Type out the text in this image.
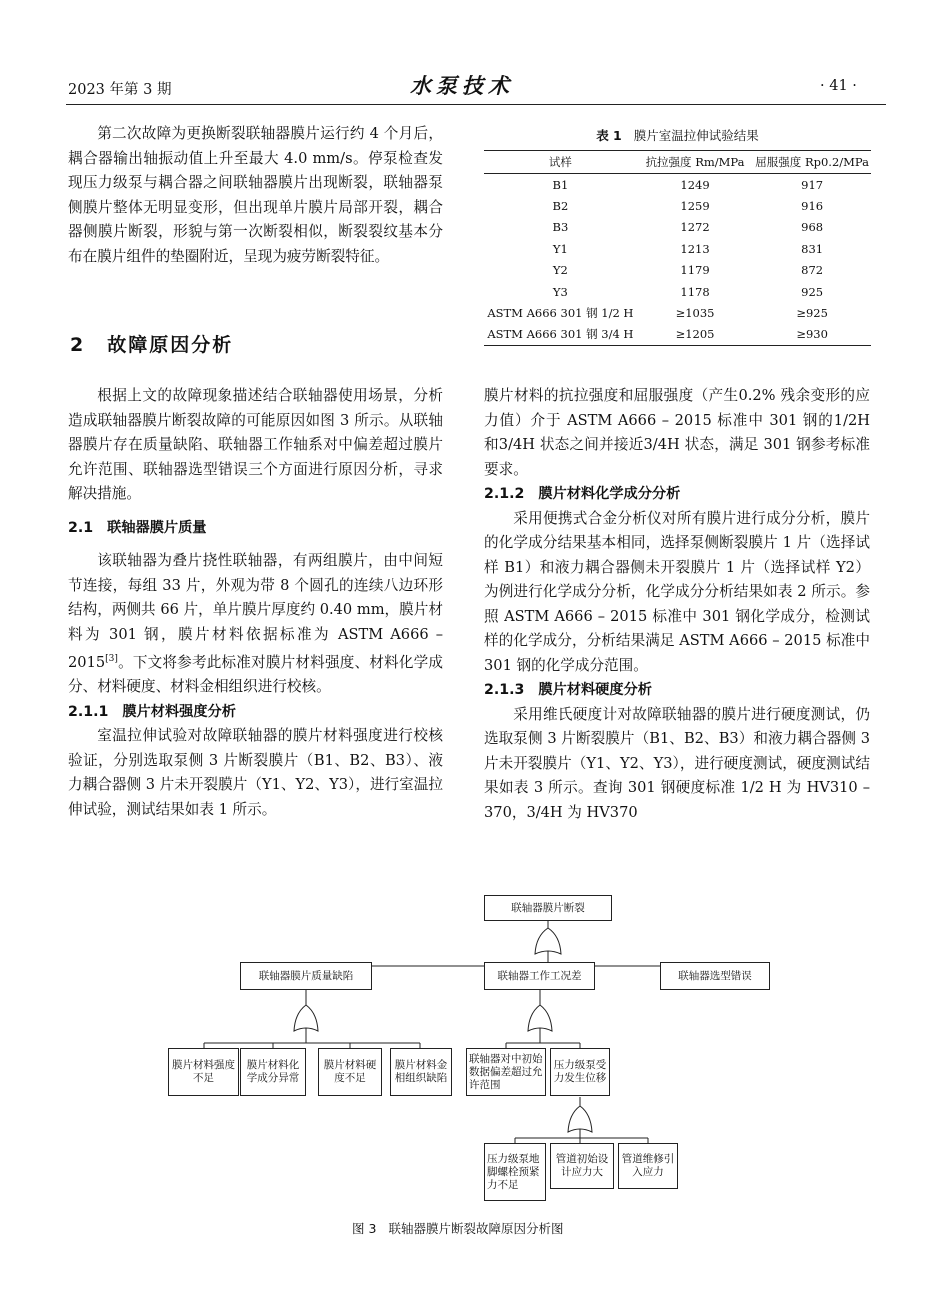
2023 年第 3 期	水泵技术	· 41 ·

第二次故障为更换断裂联轴器膜片运行约 4 个月后，耦合器输出轴振动值上升至最大 4.0 mm/s。停泵检查发现压力级泵与耦合器之间联轴器膜片出现断裂，联轴器泵侧膜片整体无明显变形，但出现单片膜片局部开裂，耦合器侧膜片断裂，形貌与第一次断裂相似，断裂裂纹基本分布在膜片组件的垫圈附近，呈现为疲劳断裂特征。

2 故障原因分析

根据上文的故障现象描述结合联轴器使用场景，分析造成联轴器膜片断裂故障的可能原因如图 3 所示。从联轴器膜片存在质量缺陷、联轴器工作轴系对中偏差超过膜片允许范围、联轴器选型错误三个方面进行原因分析，寻求解决措施。

2.1 联轴器膜片质量

该联轴器为叠片挠性联轴器，有两组膜片，由中间短节连接，每组 33 片，外观为带 8 个圆孔的连续八边环形结构，两侧共 66 片，单片膜片厚度约 0.40 mm，膜片材料为 301 钢，膜片材料依据标准为 ASTM A666 – 2015[3]。下文将参考此标准对膜片材料强度、材料化学成分、材料硬度、材料金相组织进行校核。

2.1.1 膜片材料强度分析

室温拉伸试验对故障联轴器的膜片材料强度进行校核验证，分别选取泵侧 3 片断裂膜片（B1、B2、B3）、液力耦合器侧 3 片未开裂膜片（Y1、Y2、Y3），进行室温拉伸试验，测试结果如表 1 所示。

表 1 膜片室温拉伸试验结果
试样	抗拉强度 Rm/MPa	屈服强度 Rp0.2/MPa
B1	1249	917
B2	1259	916
B3	1272	968
Y1	1213	831
Y2	1179	872
Y3	1178	925
ASTM A666 301 钢 1/2 H	≥1035	≥925
ASTM A666 301 钢 3/4 H	≥1205	≥930

膜片材料的抗拉强度和屈服强度（产生0.2% 残余变形的应力值）介于 ASTM A666 – 2015 标准中 301 钢的1/2H 和3/4H 状态之间并接近3/4H 状态，满足 301 钢参考标准要求。

2.1.2 膜片材料化学成分分析

采用便携式合金分析仪对所有膜片进行成分分析，膜片的化学成分结果基本相同，选择泵侧断裂膜片 1 片（选择试样 B1）和液力耦合器侧未开裂膜片 1 片（选择试样 Y2）为例进行化学成分分析，化学成分分析结果如表 2 所示。参照 ASTM A666 – 2015 标准中 301 钢化学成分，检测试样的化学成分，分析结果满足 ASTM A666 – 2015 标准中 301 钢的化学成分范围。

2.1.3 膜片材料硬度分析

采用维氏硬度计对故障联轴器的膜片进行硬度测试，仍选取泵侧 3 片断裂膜片（B1、B2、B3）和液力耦合器侧 3 片未开裂膜片（Y1、Y2、Y3），进行硬度测试，硬度测试结果如表 3 所示。查询 301 钢硬度标准 1/2 H 为 HV310 – 370，3/4H 为 HV370

联轴器膜片断裂
联轴器膜片质量缺陷	联轴器工作工况差	联轴器选型错误
膜片材料强度不足
膜片材料化学成分异常
膜片材料硬度不足
膜片材料金相组织缺陷
联轴器对中初始数据偏差超过允许范围
压力级泵受力发生位移
压力级泵地脚螺栓预紧力不足
管道初始设计应力大
管道维修引入应力
图 3 联轴器膜片断裂故障原因分析图
